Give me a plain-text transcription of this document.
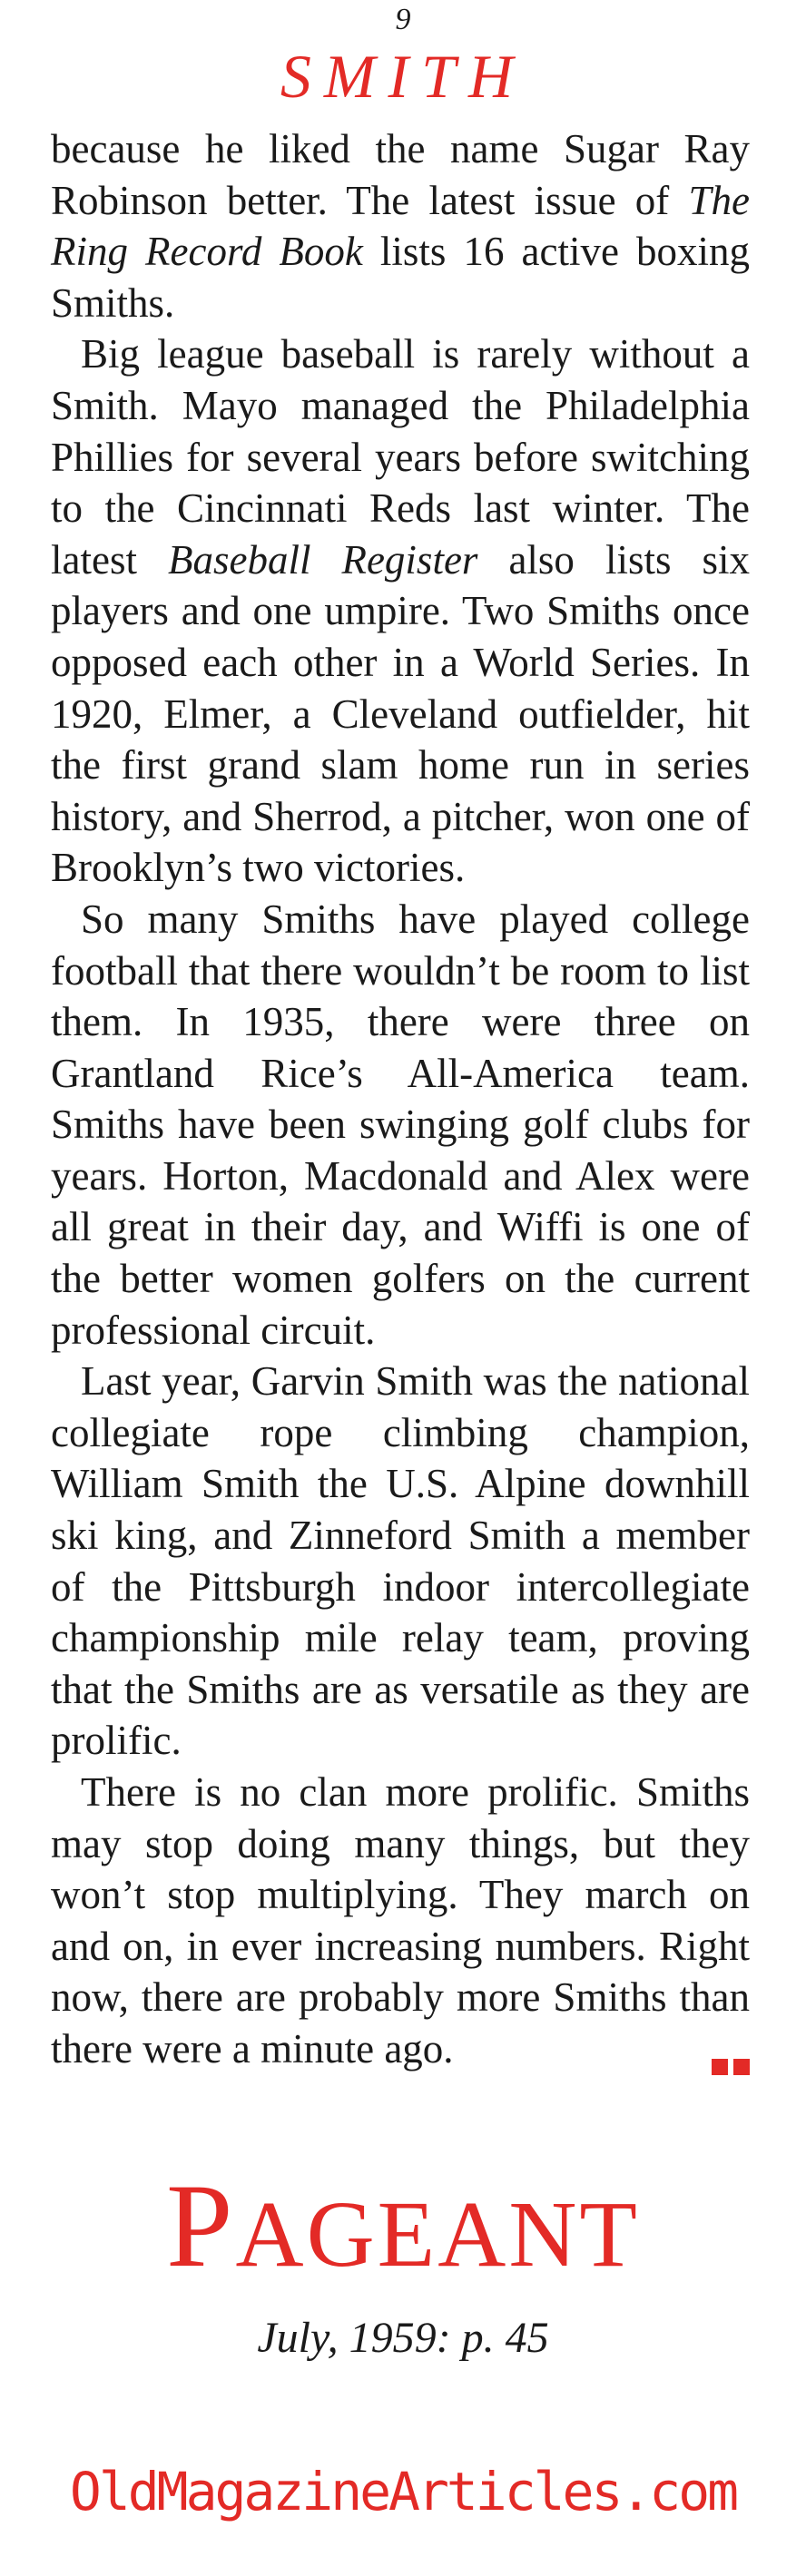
9
SMITH

because he liked the name Sugar Ray Robinson better. The latest issue of The Ring Record Book lists 16 active boxing Smiths.

Big league baseball is rarely without a Smith. Mayo managed the Philadelphia Phillies for several years before switching to the Cincinnati Reds last winter. The latest Baseball Register also lists six players and one umpire. Two Smiths once opposed each other in a World Series. In 1920, Elmer, a Cleveland outfielder, hit the first grand slam home run in series history, and Sherrod, a pitcher, won one of Brooklyn’s two victories.

So many Smiths have played college football that there wouldn’t be room to list them. In 1935, there were three on Grantland Rice’s All-America team. Smiths have been swinging golf clubs for years. Horton, Macdonald and Alex were all great in their day, and Wiffi is one of the better women golfers on the current professional circuit.

Last year, Garvin Smith was the national collegiate rope climbing champion, William Smith the U.S. Alpine downhill ski king, and Zinneford Smith a member of the Pittsburgh indoor intercollegiate championship mile relay team, proving that the Smiths are as versatile as they are prolific.

There is no clan more prolific. Smiths may stop doing many things, but they won’t stop multiplying. They march on and on, in ever increasing numbers. Right now, there are probably more Smiths than there were a minute ago.

PAGEANT
July, 1959: p. 45
OldMagazineArticles.com
